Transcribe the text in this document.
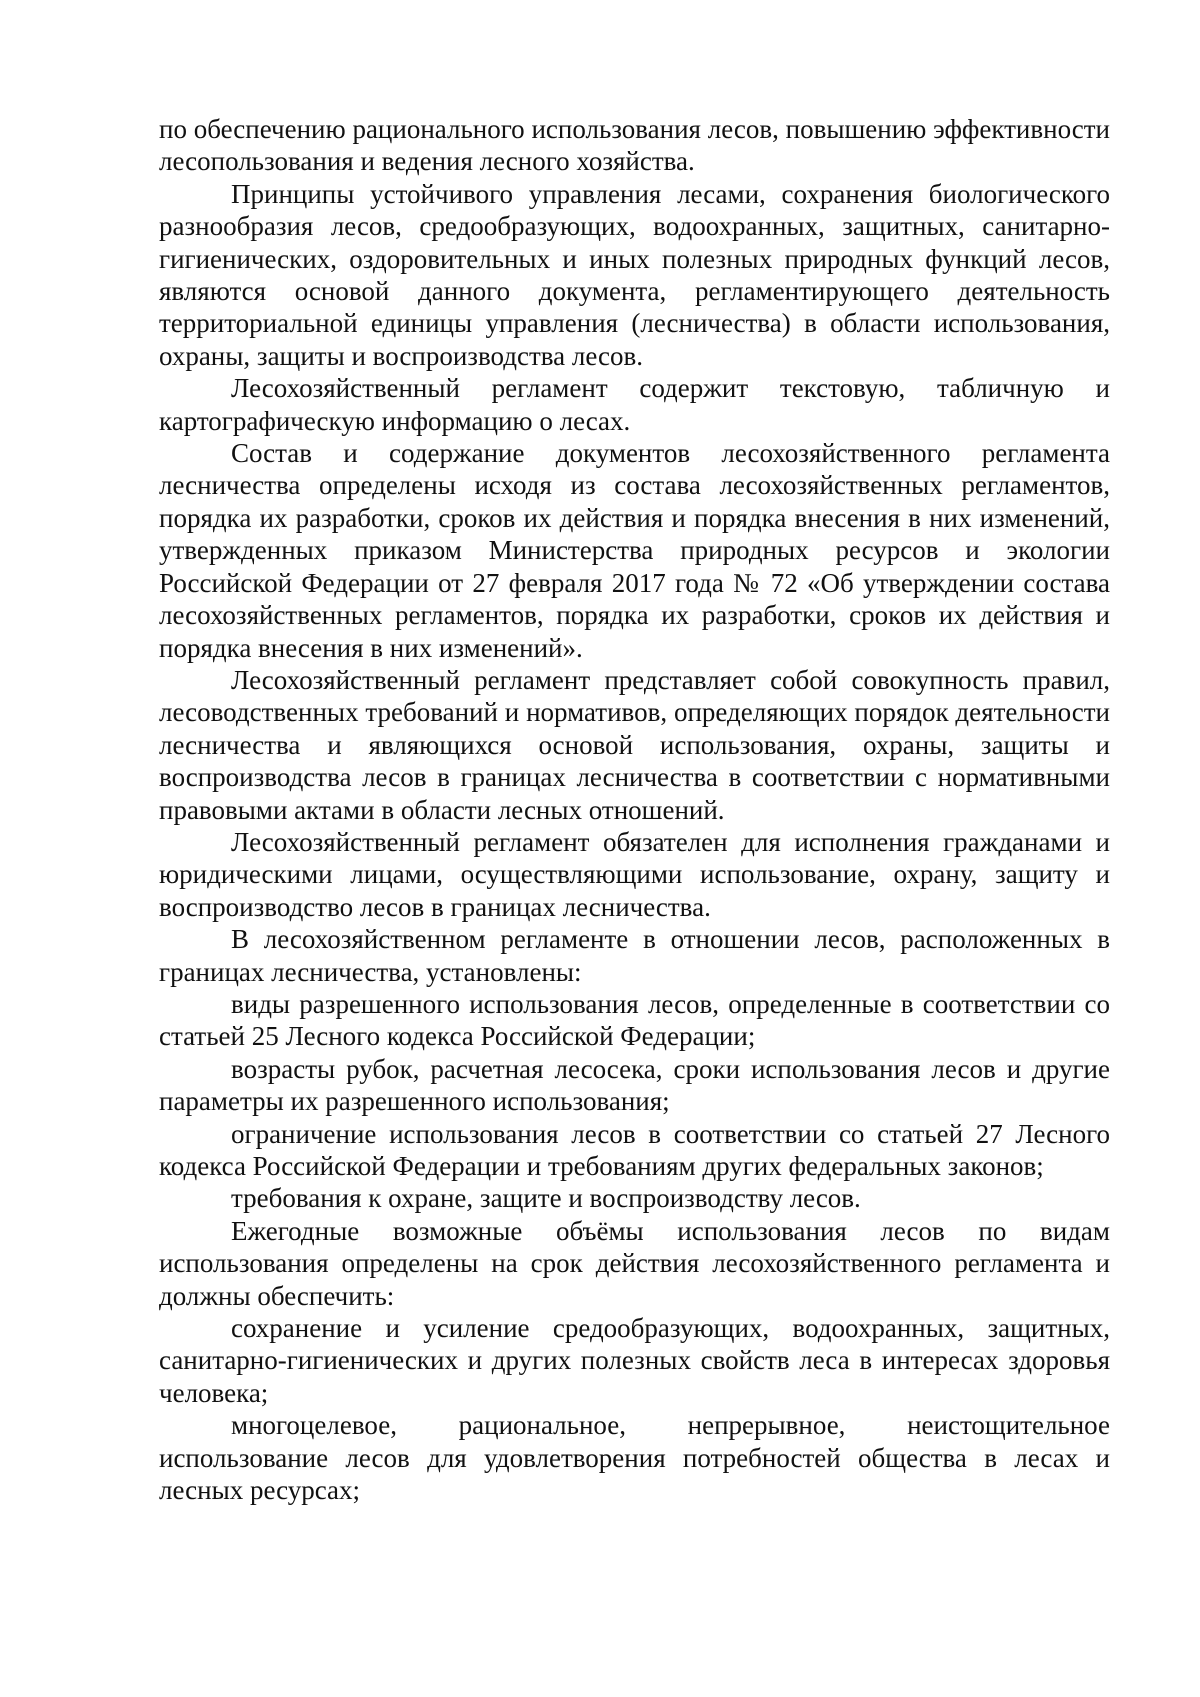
по обеспечению рационального использования лесов, повышению эффективности лесопользования и ведения лесного хозяйства.

Принципы устойчивого управления лесами, сохранения биологического разнообразия лесов, средообразующих, водоохранных, защитных, санитарно-гигиенических, оздоровительных и иных полезных природных функций лесов, являются основой данного документа, регламентирующего деятельность территориальной единицы управления (лесничества) в области использования, охраны, защиты и воспроизводства лесов.

Лесохозяйственный регламент содержит текстовую, табличную и картографическую информацию о лесах.

Состав и содержание документов лесохозяйственного регламента лесничества определены исходя из состава лесохозяйственных регламентов, порядка их разработки, сроков их действия и порядка внесения в них изменений, утвержденных приказом Министерства природных ресурсов и экологии Российской Федерации от 27 февраля 2017 года № 72 «Об утверждении состава лесохозяйственных регламентов, порядка их разработки, сроков их действия и порядка внесения в них изменений».

Лесохозяйственный регламент представляет собой совокупность правил, лесоводственных требований и нормативов, определяющих порядок деятельности лесничества и являющихся основой использования, охраны, защиты и воспроизводства лесов в границах лесничества в соответствии с нормативными правовыми актами в области лесных отношений.

Лесохозяйственный регламент обязателен для исполнения гражданами и юридическими лицами, осуществляющими использование, охрану, защиту и воспроизводство лесов в границах лесничества.

В лесохозяйственном регламенте в отношении лесов, расположенных в границах лесничества, установлены:

виды разрешенного использования лесов, определенные в соответствии со статьей 25 Лесного кодекса Российской Федерации;

возрасты рубок, расчетная лесосека, сроки использования лесов и другие параметры их разрешенного использования;

ограничение использования лесов в соответствии со статьей 27 Лесного кодекса Российской Федерации и требованиям других федеральных законов;

требования к охране, защите и воспроизводству лесов.

Ежегодные возможные объёмы использования лесов по видам использования определены на срок действия лесохозяйственного регламента и должны обеспечить:

сохранение и усиление средообразующих, водоохранных, защитных, санитарно-гигиенических и других полезных свойств леса в интересах здоровья человека;

многоцелевое, рациональное, непрерывное, неистощительное использование лесов для удовлетворения потребностей общества в лесах и лесных ресурсах;
